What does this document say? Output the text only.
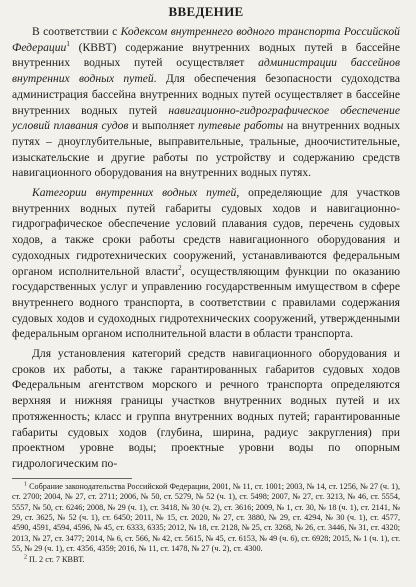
ВВЕДЕНИЕ

В соответствии с Кодексом внутреннего водного транспорта Российской Федерации$^1$ (КВВТ) содержание внутренних водных путей в бассейне внутренних водных путей осуществляет администрации бассейнов внутренних водных путей. Для обеспечения безопасности судоходства администрация бассейна внутренних водных путей осуществляет в бассейне внутренних водных путей навигационно-гидрографическое обеспечение условий плавания судов и выполняет путевые работы на внутренних водных путях – дноуглубительные, выправительные, тральные, дноочистительные, изыскательские и другие работы по устройству и содержанию средств навигационного оборудования на внутренних водных путях.

Категории внутренних водных путей, определяющие для участков внутренних водных путей габариты судовых ходов и навигационно-гидрографическое обеспечение условий плавания судов, перечень судовых ходов, а также сроки работы средств навигационного оборудования и судоходных гидротехнических сооружений, устанавливаются федеральным органом исполнительной власти$^2$, осуществляющим функции по оказанию государственных услуг и управлению государственным имуществом в сфере внутреннего водного транспорта, в соответствии с правилами содержания судовых ходов и судоходных гидротехнических сооружений, утвержденными федеральным органом исполнительной власти в области транспорта.

Для установления категорий средств навигационного оборудования и сроков их работы, а также гарантированных габаритов судовых ходов Федеральным агентством морского и речного транспорта определяются верхняя и нижняя границы участков внутренних водных путей и их протяженность; класс и группа внутренних водных путей; гарантированные габариты судовых ходов (глубина, ширина, радиус закругления) при проектном уровне воды; проектные уровни воды по опорным гидрологическим по-

$^1$ Собрание законодательства Российской Федерации, 2001, № 11, ст. 1001; 2003, № 14, ст. 1256, № 27 (ч. 1), ст. 2700; 2004, № 27, ст. 2711; 2006, № 50, ст. 5279, № 52 (ч. 1), ст. 5498; 2007, № 27, ст. 3213, № 46, ст. 5554, 5557, № 50, ст. 6246; 2008, № 29 (ч. 1), ст. 3418, № 30 (ч. 2), ст. 3616; 2009, № 1, ст. 30, № 18 (ч. 1), ст. 2141, № 29, ст. 3625, № 52 (ч. 1), ст. 6450; 2011, № 15, ст. 2020, № 27, ст. 3880, № 29, ст. 4294, № 30 (ч. 1), ст. 4577, 4590, 4591, 4594, 4596, № 45, ст. 6333, 6335; 2012, № 18, ст. 2128, № 25, ст. 3268, № 26, ст. 3446, № 31, ст. 4320; 2013, № 27, ст. 3477; 2014, № 6, ст. 566, № 42, ст. 5615, № 45, ст. 6153, № 49 (ч. 6), ст. 6928; 2015, № 1 (ч. 1), ст. 55, № 29 (ч. 1), ст. 4356, 4359; 2016, № 11, ст. 1478, № 27 (ч. 2), ст. 4300.

$^2$ П. 2 ст. 7 КВВТ.
